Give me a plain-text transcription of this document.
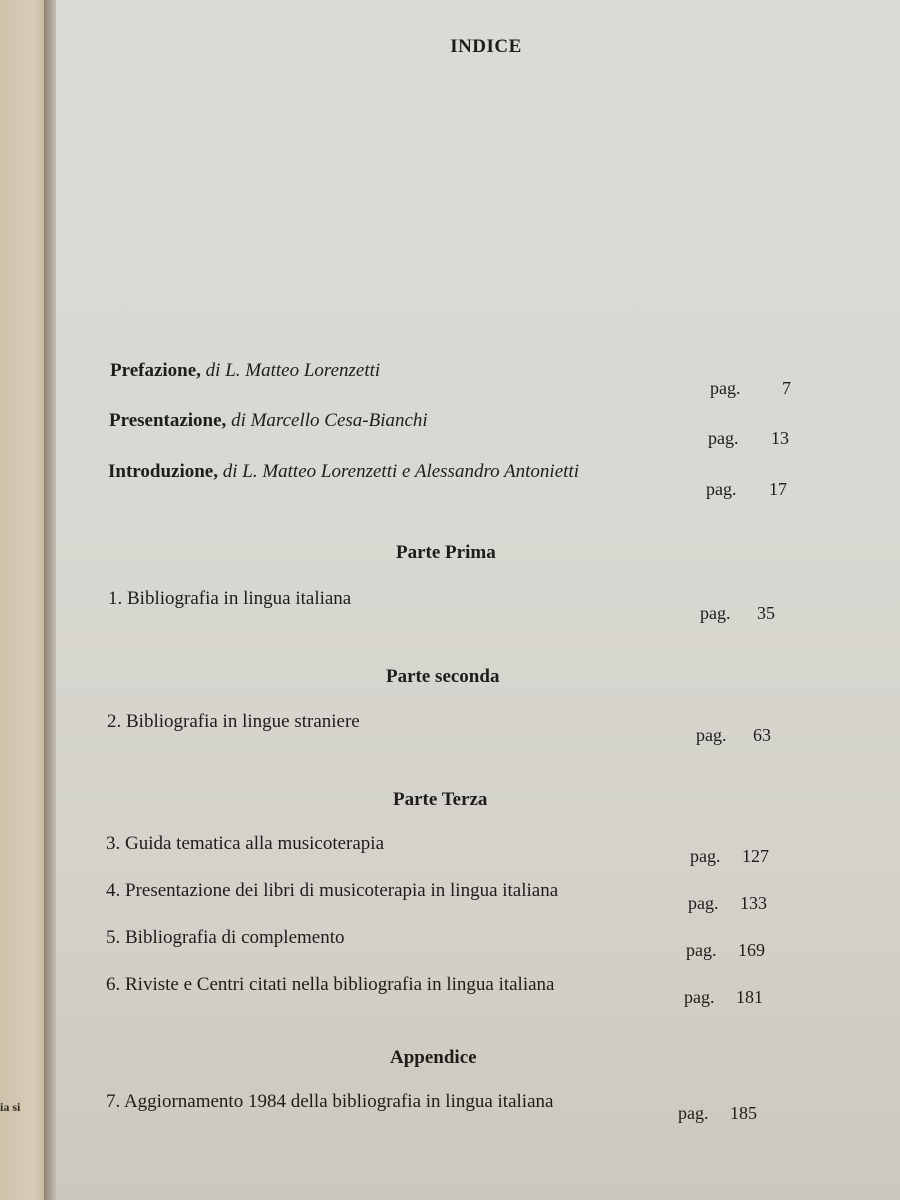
ia si
INDICE
Prefazione, di L. Matteo Lorenzetti
pag. 7
Presentazione, di Marcello Cesa-Bianchi
pag. 13
Introduzione, di L. Matteo Lorenzetti e Alessandro Antonietti
pag. 17
Parte Prima
1. Bibliografia in lingua italiana
pag. 35
Parte seconda
2. Bibliografia in lingue straniere
pag. 63
Parte Terza
3. Guida tematica alla musicoterapia
pag. 127
4. Presentazione dei libri di musicoterapia in lingua italiana
pag. 133
5. Bibliografia di complemento
pag. 169
6. Riviste e Centri citati nella bibliografia in lingua italiana
pag. 181
Appendice
7. Aggiornamento 1984 della bibliografia in lingua italiana
pag. 185
